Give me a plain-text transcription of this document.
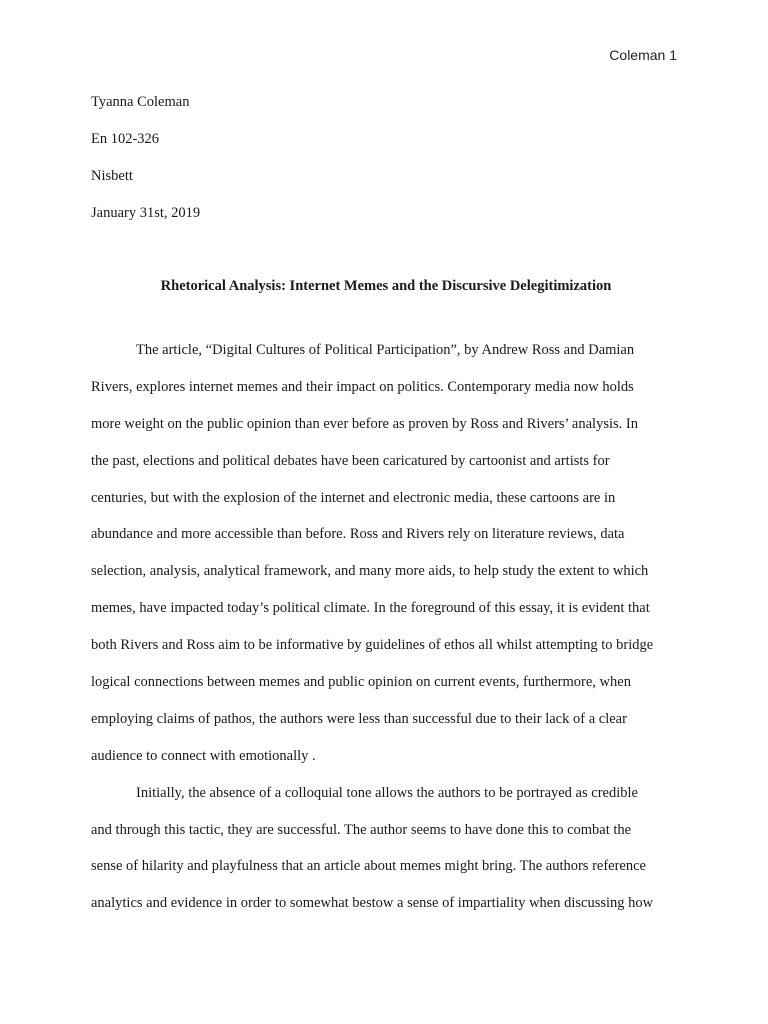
Coleman 1
Tyanna Coleman
En 102-326
Nisbett
January 31st, 2019
Rhetorical Analysis: Internet Memes and the Discursive Delegitimization
The article, “Digital Cultures of Political Participation”, by Andrew Ross and Damian
Rivers, explores internet memes and their impact on politics. Contemporary media now holds
more weight on the public opinion than ever before as proven by Ross and Rivers’ analysis. In
the past, elections and political debates have been caricatured by cartoonist and artists for
centuries, but with the explosion of the internet and electronic media, these cartoons are in
abundance and more accessible than before. Ross and Rivers rely on literature reviews, data
selection, analysis, analytical framework, and many more aids, to help study the extent to which
memes, have impacted today’s political climate. In the foreground of this essay, it is evident that
both Rivers and Ross aim to be informative by guidelines of ethos all whilst attempting to bridge
logical connections between memes and public opinion on current events, furthermore, when
employing claims of pathos, the authors were less than successful due to their lack of a clear
audience to connect with emotionally .
Initially, the absence of a colloquial tone allows the authors to be portrayed as credible
and through this tactic, they are successful. The author seems to have done this to combat the
sense of hilarity and playfulness that an article about memes might bring. The authors reference
analytics and evidence in order to somewhat bestow a sense of impartiality when discussing how
